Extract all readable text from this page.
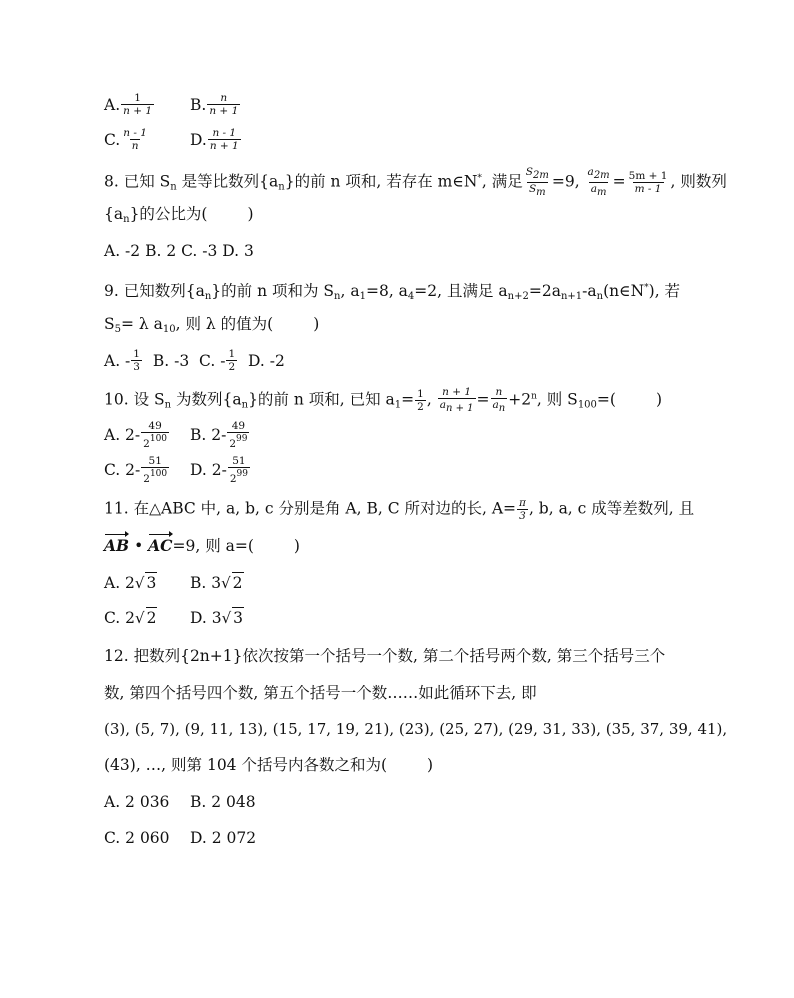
A. $\frac{1}{n + 1} B$. $\frac{n}{n + 1}$
C. $\frac{n - 1}{n}$	D. $\frac{n - 1}{n + 1}$
8. 已知 $S_n$ 是等比数列$\{a_n\}$的前 n 项和, 若存在 m∈N*, 满足 $\frac{S2m}{Sm} =9$, $\frac{a2m}{am} = \frac{5m + 1}{m - 1}$ , 则数列
$\{a_n\}$的公比为(	)
A. -2 B. 2 C. -3 D. 3
9. 已知数列$\{a_n\}$的前 n 项和为 $S_n$, $a_1=8$, $a_4=2$, 且满足 $a_{n+2}=2a_{n+1}-a_n(n\in N^*)$, 若
$S_5= \lambda$ $a_{10}$, 则 λ 的值为(	)
A. - $\frac{1}{3} B$. -3  C. - $\frac{1}{2} D$. -2
10. 设 $S_n$ 为数列$\{a_n\}$的前 n 项和, 已知 $a_1= \frac{1}{2}$ , $\frac{n + 1}{an + 1} = \frac{n}{an} +2^n$, 则 $S_{100}=$(	)
A. $2- \frac{49}{2100} B$. $2- \frac{49}{299}$
C. $2- \frac{51}{2100} D$. $2- \frac{51}{299}$
11. 在△ABC 中, a, b, c 分别是角 A, B, C 所对边的长, $A= \frac{\pi}{3}$ , b, a, c 成等差数列, 且
AB • AC=9, 则 a=(	)
A. 2√ 3 B. 3√ 2
C. 2√ 2 D. 3√ 3
12. 把数列{2n+1}依次按第一个括号一个数, 第二个括号两个数, 第三个括号三个
数, 第四个括号四个数, 第五个括号一个数……如此循环下去, 即
(3), (5, 7), (9, 11, 13), (15, 17, 19, 21), (23), (25, 27), (29, 31, 33), (35, 37, 39, 41),
(43), …, 则第 104 个括号内各数之和为(	)
A. 2 036 B. 2 048
C. 2 060 D. 2 072
